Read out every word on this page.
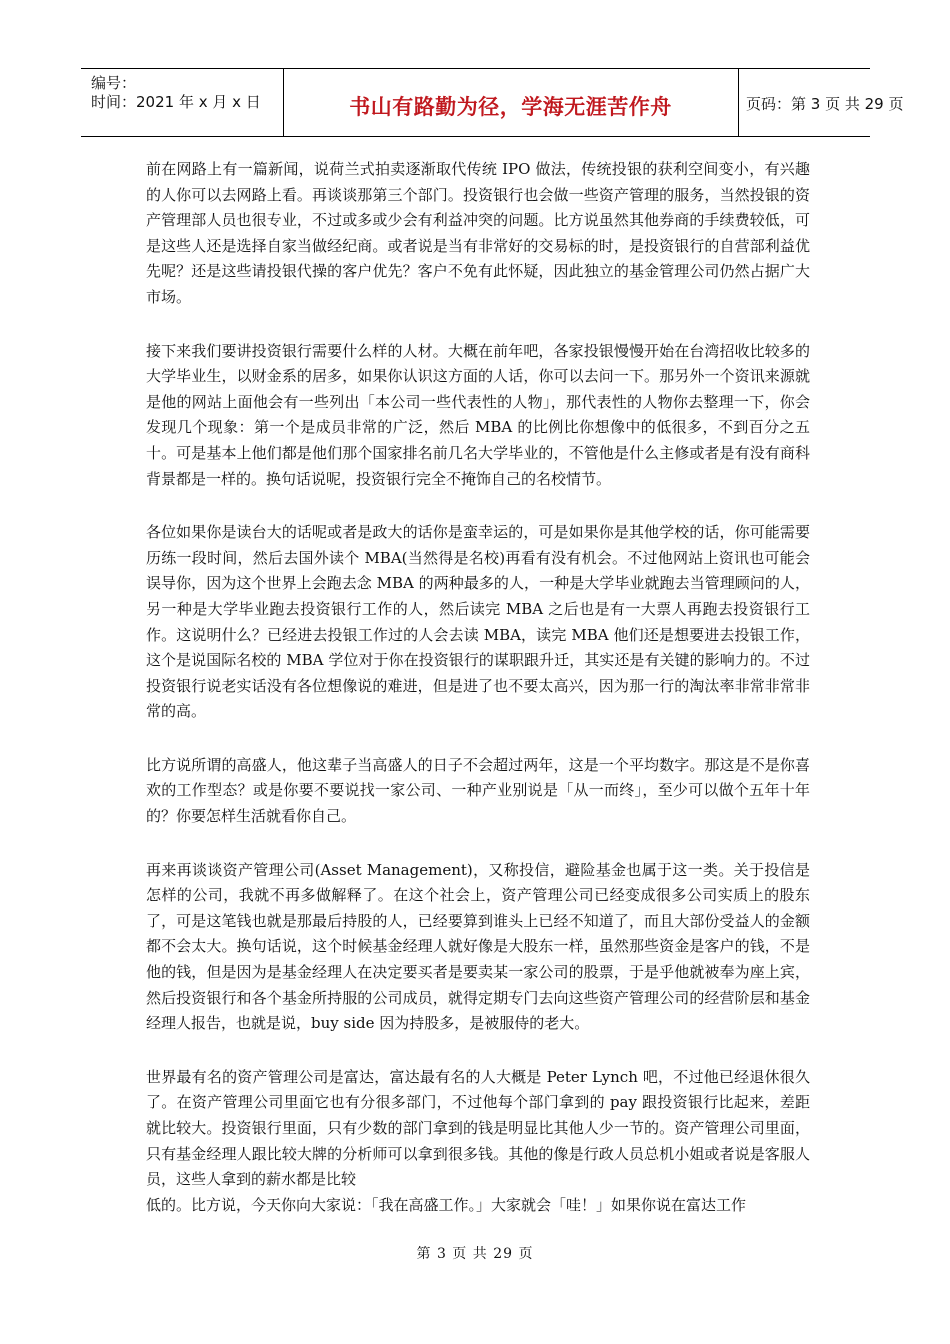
编号：
时间：2021 年 x 月 x 日	书山有路勤为径，学海无涯苦作舟	页码：第 3 页 共 29 页

前在网路上有一篇新闻，说荷兰式拍卖逐渐取代传统 IPO 做法，传统投银的获利空间变小，有兴趣的人你可以去网路上看。再谈谈那第三个部门。投资银行也会做一些资产管理的服务，当然投银的资产管理部人员也很专业，不过或多或少会有利益冲突的问题。比方说虽然其他券商的手续费较低，可是这些人还是选择自家当做经纪商。或者说是当有非常好的交易标的时，是投资银行的自营部利益优先呢？还是这些请投银代操的客户优先？客户不免有此怀疑，因此独立的基金管理公司仍然占据广大市场。

接下来我们要讲投资银行需要什么样的人材。大概在前年吧，各家投银慢慢开始在台湾招收比较多的大学毕业生，以财金系的居多，如果你认识这方面的人话，你可以去问一下。那另外一个资讯来源就是他的网站上面他会有一些列出「本公司一些代表性的人物」，那代表性的人物你去整理一下，你会发现几个现象：第一个是成员非常的广泛，然后 MBA 的比例比你想像中的低很多，不到百分之五十。可是基本上他们都是他们那个国家排名前几名大学毕业的，不管他是什么主修或者是有没有商科背景都是一样的。换句话说呢，投资银行完全不掩饰自己的名校情节。

各位如果你是读台大的话呢或者是政大的话你是蛮幸运的，可是如果你是其他学校的话，你可能需要历练一段时间，然后去国外读个 MBA(当然得是名校)再看有没有机会。不过他网站上资讯也可能会误导你，因为这个世界上会跑去念 MBA 的两种最多的人，一种是大学毕业就跑去当管理顾问的人，另一种是大学毕业跑去投资银行工作的人，然后读完 MBA 之后也是有一大票人再跑去投资银行工作。这说明什么？已经进去投银工作过的人会去读 MBA，读完 MBA 他们还是想要进去投银工作，这个是说国际名校的 MBA 学位对于你在投资银行的谋职跟升迁，其实还是有关键的影响力的。不过投资银行说老实话没有各位想像说的难进，但是进了也不要太高兴，因为那一行的淘汰率非常非常非常的高。

比方说所谓的高盛人，他这辈子当高盛人的日子不会超过两年，这是一个平均数字。那这是不是你喜欢的工作型态？或是你要不要说找一家公司、一种产业别说是「从一而终」，至少可以做个五年十年的？你要怎样生活就看你自己。

再来再谈谈资产管理公司(Asset Management)，又称投信，避险基金也属于这一类。关于投信是怎样的公司，我就不再多做解释了。在这个社会上，资产管理公司已经变成很多公司实质上的股东了，可是这笔钱也就是那最后持股的人，已经要算到谁头上已经不知道了，而且大部份受益人的金额都不会太大。换句话说，这个时候基金经理人就好像是大股东一样，虽然那些资金是客户的钱，不是他的钱，但是因为是基金经理人在决定要买者是要卖某一家公司的股票，于是乎他就被奉为座上宾，然后投资银行和各个基金所持服的公司成员，就得定期专门去向这些资产管理公司的经营阶层和基金经理人报告，也就是说，buy side 因为持股多，是被服侍的老大。

世界最有名的资产管理公司是富达，富达最有名的人大概是 Peter Lynch 吧，不过他已经退休很久了。在资产管理公司里面它也有分很多部门，不过他每个部门拿到的 pay 跟投资银行比起来，差距就比较大。投资银行里面，只有少数的部门拿到的钱是明显比其他人少一节的。资产管理公司里面，只有基金经理人跟比较大牌的分析师可以拿到很多钱。其他的像是行政人员总机小姐或者说是客服人员，这些人拿到的薪水都是比较
低的。比方说，今天你向大家说：「我在高盛工作。」大家就会「哇！」如果你说在富达工作

第 3 页 共 29 页
